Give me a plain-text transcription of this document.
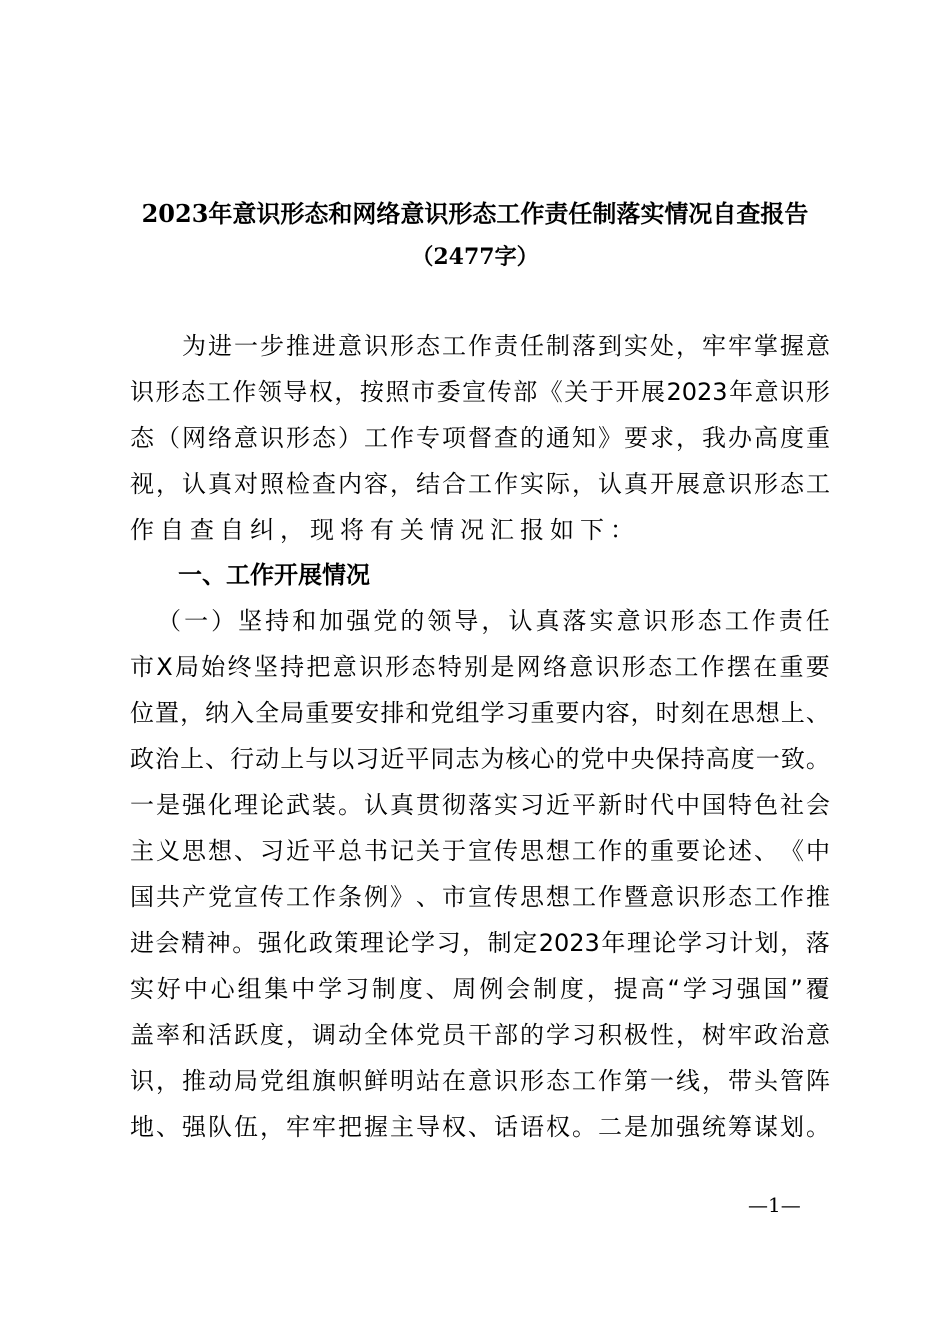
2023年意识形态和网络意识形态工作责任制落实情况自查报告
（2477字）

为 进 一 步 推 进 意 识 形 态 工 作 责 任 制 落 到 实 处 ， 牢 牢 掌 握 意
识 形 态 工 作 领 导 权 ， 按 照 市 委 宣 传 部 《 关 于 开 展 2023 年 意 识 形
态 （ 网 络 意 识 形 态 ） 工 作 专 项 督 查 的 通 知 》 要 求 ， 我 办 高 度 重
视 ， 认 真 对 照 检 查 内 容 ， 结 合 工 作 实 际 ， 认 真 开 展 意 识 形 态 工
作自查自纠，现将有关情况汇报如下：
一、工作开展情况

（ 一 ） 坚 持 和 加 强 党 的 领 导 ， 认 真 落 实 意 识 形 态 工 作 责 任
市 X 局 始 终 坚 持 把 意 识 形 态 特 别 是 网 络 意 识 形 态 工 作 摆 在 重 要
位 置 ， 纳 入 全 局 重 要 安 排 和 党 组 学 习 重 要 内 容 ， 时 刻 在 思 想 上 、
政 治 上 、 行 动 上 与 以 习 近 平 同 志 为 核 心 的 党 中 央 保 持 高 度 一 致 。
一 是 强 化 理 论 武 装 。 认 真 贯 彻 落 实 习 近 平 新 时 代 中 国 特 色 社 会
主 义 思 想 、 习 近 平 总 书 记 关 于 宣 传 思 想 工 作 的 重 要 论 述 、 《 中
国 共 产 党 宣 传 工 作 条 例 》 、 市 宣 传 思 想 工 作 暨 意 识 形 态 工 作 推
进 会 精 神 。 强 化 政 策 理 论 学 习 ， 制 定 2023 年 理 论 学 习 计 划 ， 落
实 好 中 心 组 集 中 学 习 制 度 、 周 例 会 制 度 ， 提 高 “ 学 习 强 国 ” 覆
盖 率 和 活 跃 度 ， 调 动 全 体 党 员 干 部 的 学 习 积 极 性 ， 树 牢 政 治 意
识 ， 推 动 局 党 组 旗 帜 鲜 明 站 在 意 识 形 态 工 作 第 一 线 ， 带 头 管 阵
地 、 强 队 伍 ， 牢 牢 把 握 主 导 权 、 话 语 权 。 二 是 加 强 统 筹 谋 划 。
—1—
